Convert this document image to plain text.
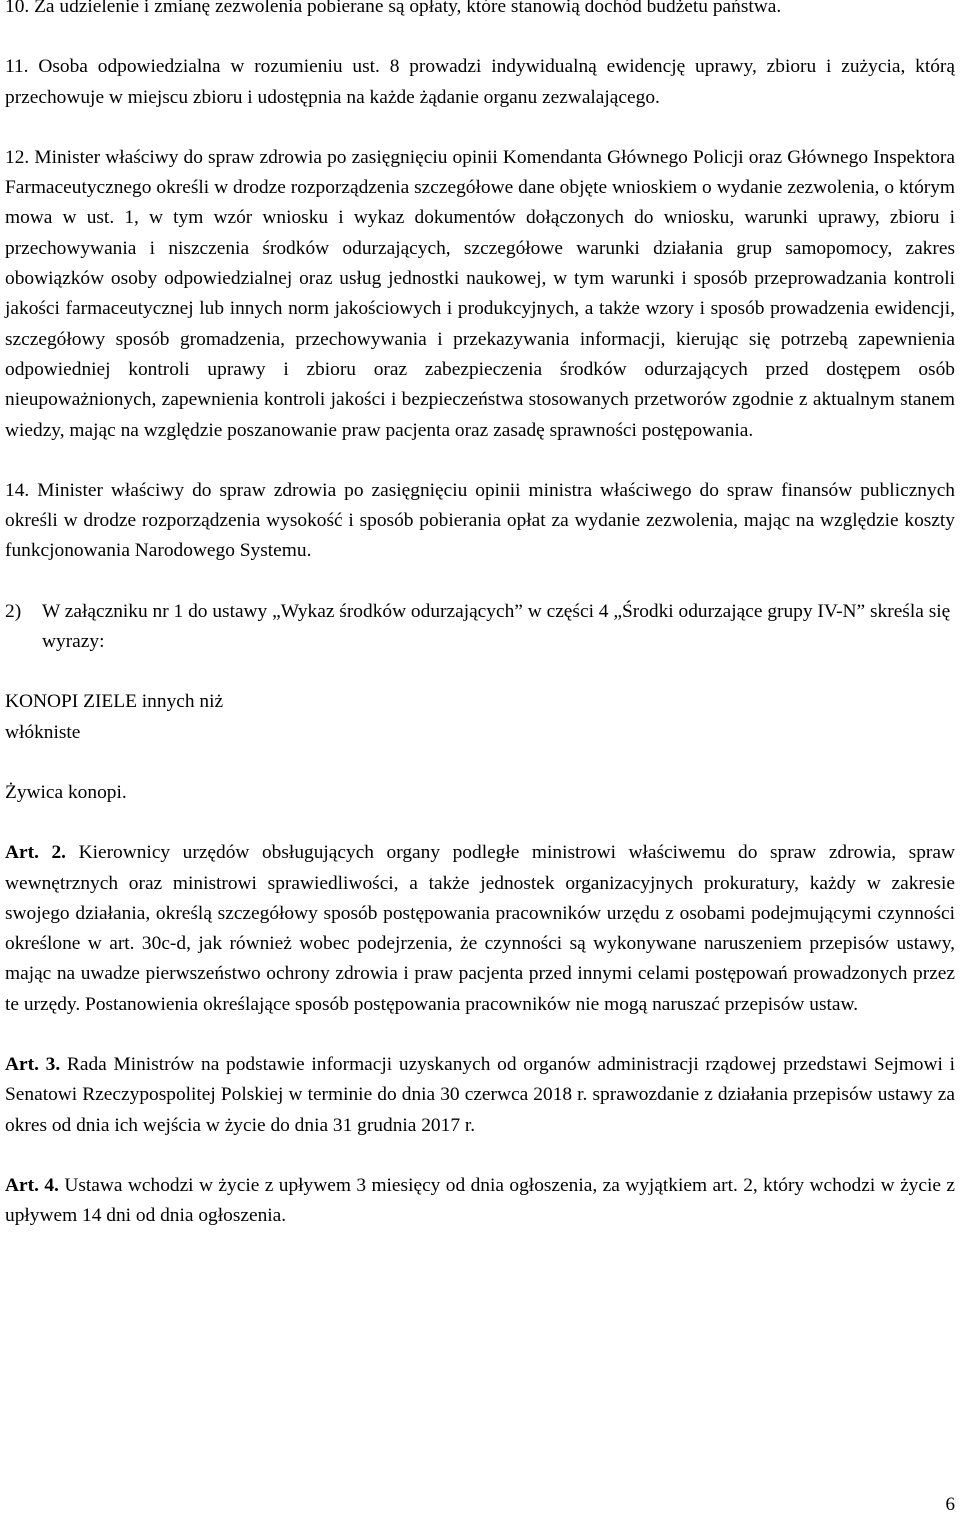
10. Za udzielenie i zmianę zezwolenia pobierane są opłaty, które stanowią dochód budżetu państwa.

11. Osoba odpowiedzialna w rozumieniu ust. 8 prowadzi indywidualną ewidencję uprawy, zbioru i zużycia, którą przechowuje w miejscu zbioru i udostępnia na każde żądanie organu zezwalającego.

12. Minister właściwy do spraw zdrowia po zasięgnięciu opinii Komendanta Głównego Policji oraz Głównego Inspektora Farmaceutycznego określi w drodze rozporządzenia szczegółowe dane objęte wnioskiem o wydanie zezwolenia, o którym mowa w ust. 1, w tym wzór wniosku i wykaz dokumentów dołączonych do wniosku, warunki uprawy, zbioru i przechowywania i niszczenia środków odurzających, szczegółowe warunki działania grup samopomocy, zakres obowiązków osoby odpowiedzialnej oraz usług jednostki naukowej, w tym warunki i sposób przeprowadzania kontroli jakości farmaceutycznej lub innych norm jakościowych i produkcyjnych, a także wzory i sposób prowadzenia ewidencji, szczegółowy sposób gromadzenia, przechowywania i przekazywania informacji, kierując się potrzebą zapewnienia odpowiedniej kontroli uprawy i zbioru oraz zabezpieczenia środków odurzających przed dostępem osób nieupoważnionych, zapewnienia kontroli jakości i bezpieczeństwa stosowanych przetworów zgodnie z aktualnym stanem wiedzy, mając na względzie poszanowanie praw pacjenta oraz zasadę sprawności postępowania.

14. Minister właściwy do spraw zdrowia po zasięgnięciu opinii ministra właściwego do spraw finansów publicznych określi w drodze rozporządzenia wysokość i sposób pobierania opłat za wydanie zezwolenia, mając na względzie koszty funkcjonowania Narodowego Systemu.

2) W załączniku nr 1 do ustawy „Wykaz środków odurzających” w części 4 „Środki odurzające grupy IV-N” skreśla się wyrazy:

KONOPI ZIELE innych niż

włókniste

Żywica konopi.

Art. 2. Kierownicy urzędów obsługujących organy podległe ministrowi właściwemu do spraw zdrowia, spraw wewnętrznych oraz ministrowi sprawiedliwości, a także jednostek organizacyjnych prokuratury, każdy w zakresie swojego działania, określą szczegółowy sposób postępowania pracowników urzędu z osobami podejmującymi czynności określone w art. 30c-d, jak również wobec podejrzenia, że czynności są wykonywane naruszeniem przepisów ustawy, mając na uwadze pierwszeństwo ochrony zdrowia i praw pacjenta przed innymi celami postępowań prowadzonych przez te urzędy. Postanowienia określające sposób postępowania pracowników nie mogą naruszać przepisów ustaw.

Art. 3. Rada Ministrów na podstawie informacji uzyskanych od organów administracji rządowej przedstawi Sejmowi i Senatowi Rzeczypospolitej Polskiej w terminie do dnia 30 czerwca 2018 r. sprawozdanie z działania przepisów ustawy za okres od dnia ich wejścia w życie do dnia 31 grudnia 2017 r.

Art. 4. Ustawa wchodzi w życie z upływem 3 miesięcy od dnia ogłoszenia, za wyjątkiem art. 2, który wchodzi w życie z upływem 14 dni od dnia ogłoszenia.

6
